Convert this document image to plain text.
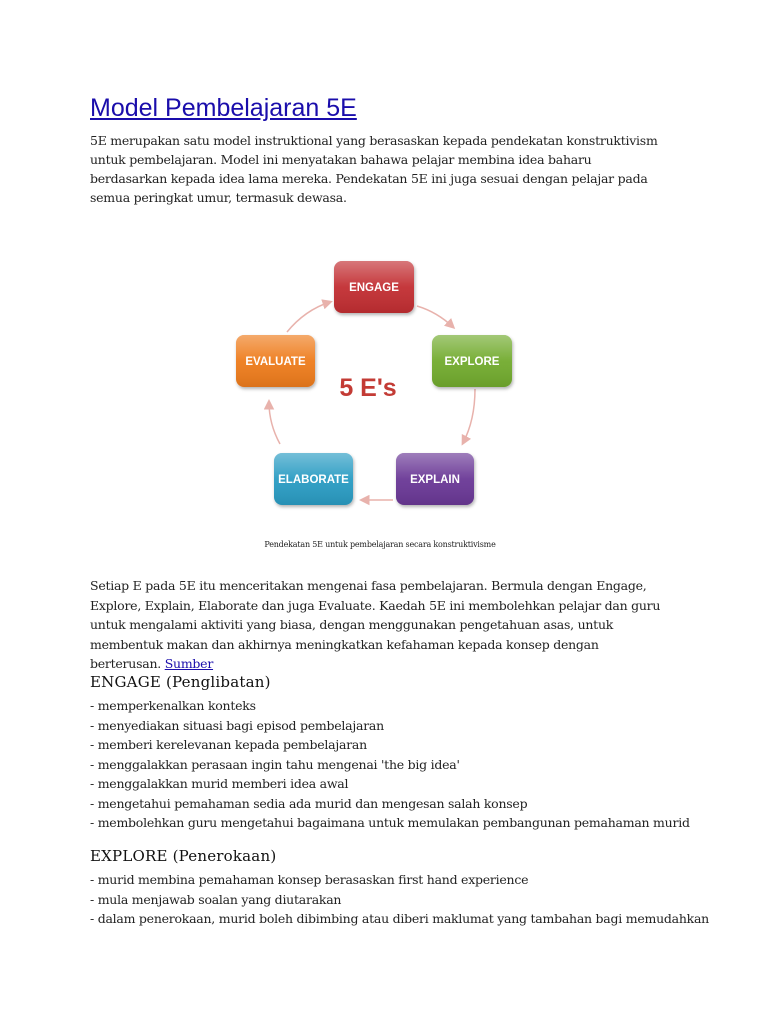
Model Pembelajaran 5E

5E merupakan satu model instruktional yang berasaskan kepada pendekatan konstruktivism untuk pembelajaran. Model ini menyatakan bahawa pelajar membina idea baharu berdasarkan kepada idea lama mereka. Pendekatan 5E ini juga sesuai dengan pelajar pada semua peringkat umur, termasuk dewasa.

ENGAGE
EXPLORE
EXPLAIN
ELABORATE
EVALUATE
5 E's

Pendekatan 5E untuk pembelajaran secara konstruktivisme

Setiap E pada 5E itu menceritakan mengenai fasa pembelajaran. Bermula dengan Engage, Explore, Explain, Elaborate dan juga Evaluate. Kaedah 5E ini membolehkan pelajar dan guru untuk mengalami aktiviti yang biasa, dengan menggunakan pengetahuan asas, untuk membentuk makan dan akhirnya meningkatkan kefahaman kepada konsep dengan berterusan. Sumber

ENGAGE (Penglibatan)
- memperkenalkan konteks
- menyediakan situasi bagi episod pembelajaran
- memberi kerelevanan kepada pembelajaran
- menggalakkan perasaan ingin tahu mengenai 'the big idea'
- menggalakkan murid memberi idea awal
- mengetahui pemahaman sedia ada murid dan mengesan salah konsep
- membolehkan guru mengetahui bagaimana untuk memulakan pembangunan pemahaman murid
EXPLORE (Penerokaan)
- murid membina pemahaman konsep berasaskan first hand experience
- mula menjawab soalan yang diutarakan
- dalam penerokaan, murid boleh dibimbing atau diberi maklumat yang tambahan bagi memudahkan
